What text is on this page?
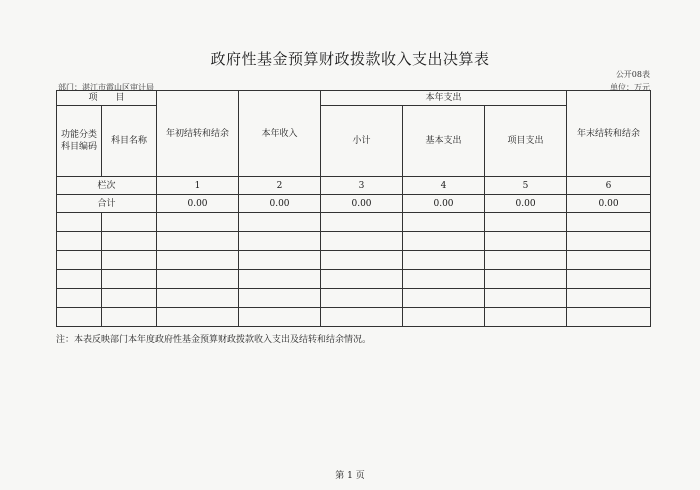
政府性基金预算财政拨款收入支出决算表
公开08表
部门：湛江市霞山区审计局	单位：万元
项　　目		年初结转和结余	本年收入	本年支出			年末结转和结余
功能分类科目编码	科目名称			小计	基本支出	项目支出	

栏次		1	2	3	4	5	6
合计		0.00	0.00	0.00	0.00	0.00	0.00

注：本表反映部门本年度政府性基金预算财政拨款收入支出及结转和结余情况。
第 1 页
